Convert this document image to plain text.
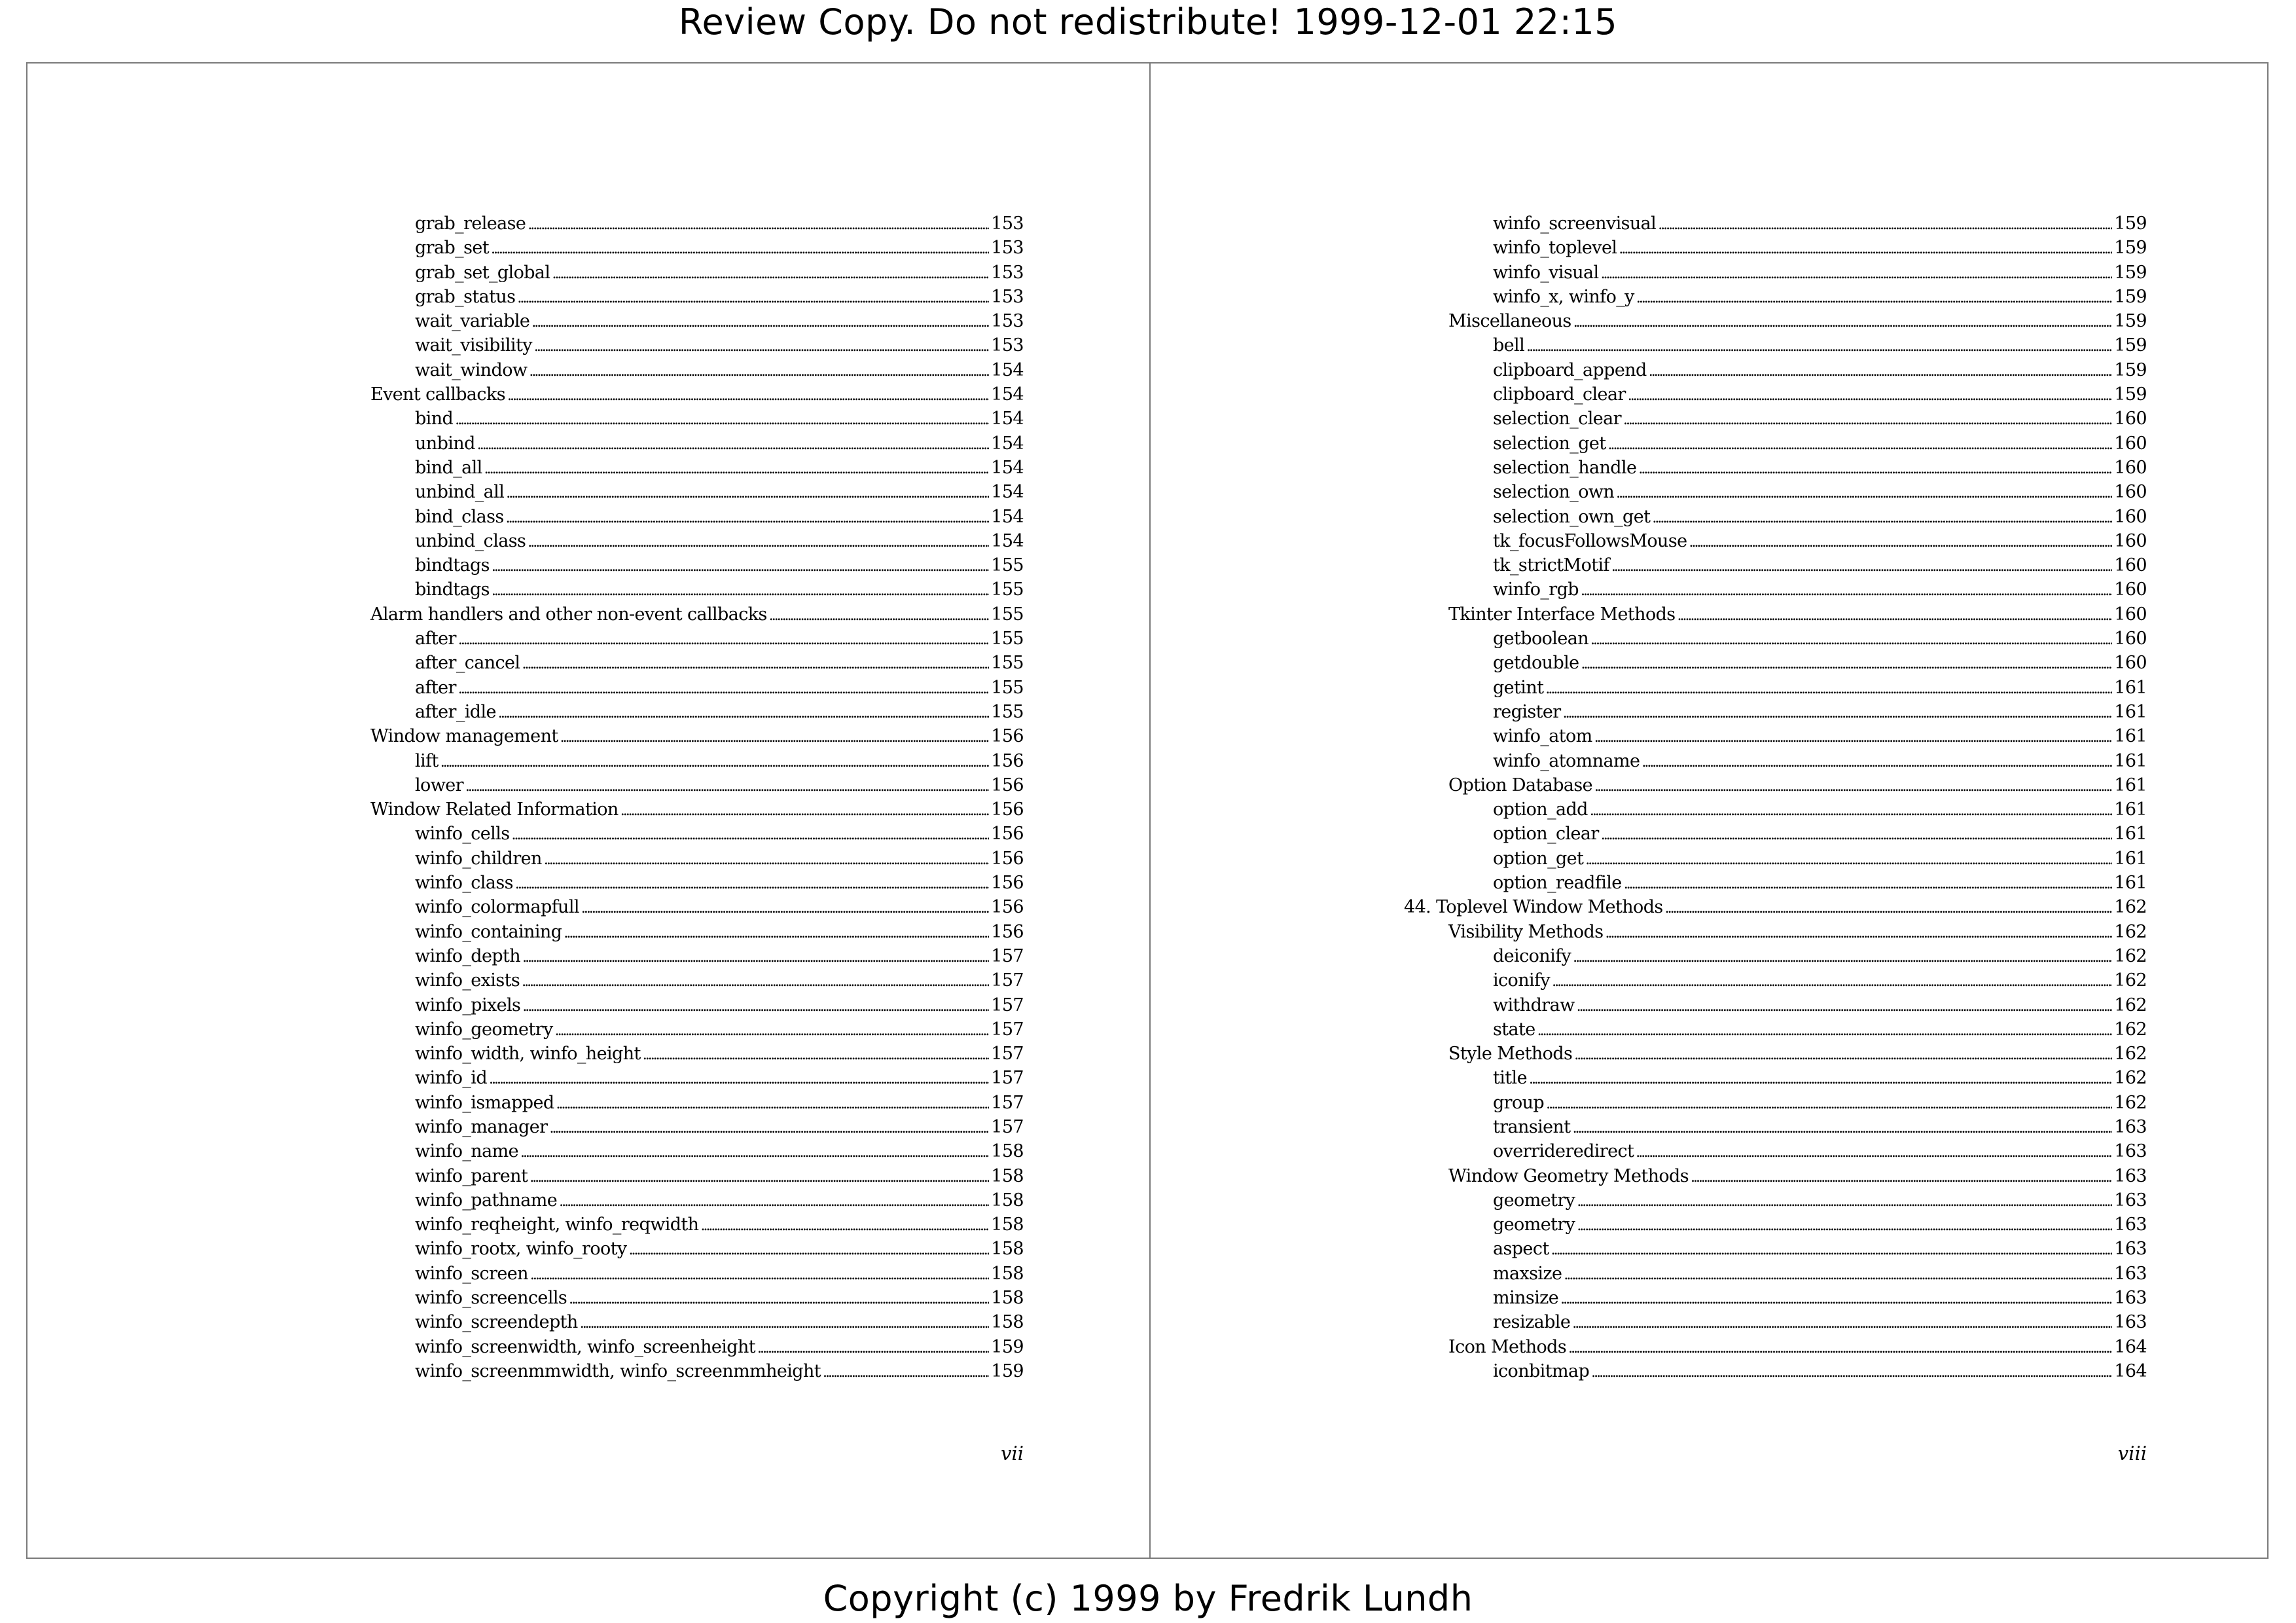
Review Copy. Do not redistribute! 1999-12-01 22:15
grab_release . . .	153
grab_set . . .	153
grab_set_global . . .	153
grab_status . . .	153
wait_variable . . .	153
wait_visibility . . .	153
wait_window . . .	154
Event callbacks . . .	154
bind . . .	154
unbind . . .	154
bind_all . . .	154
unbind_all . . .	154
bind_class . . .	154
unbind_class . . .	154
bindtags . . .	155
bindtags . . .	155
Alarm handlers and other non-event callbacks . . .	155
after . . .	155
after_cancel . . .	155
after . . .	155
after_idle . . .	155
Window management . . .	156
lift . . .	156
lower . . .	156
Window Related Information . . .	156
winfo_cells . . .	156
winfo_children . . .	156
winfo_class . . .	156
winfo_colormapfull . . .	156
winfo_containing . . .	156
winfo_depth . . .	157
winfo_exists . . .	157
winfo_pixels . . .	157
winfo_geometry . . .	157
winfo_width, winfo_height . . .	157
winfo_id . . .	157
winfo_ismapped . . .	157
winfo_manager . . .	157
winfo_name . . .	158
winfo_parent . . .	158
winfo_pathname . . .	158
winfo_reqheight, winfo_reqwidth . . .	158
winfo_rootx, winfo_rooty . . .	158
winfo_screen . . .	158
winfo_screencells . . .	158
winfo_screendepth . . .	158
winfo_screenwidth, winfo_screenheight . . .	159
winfo_screenmmwidth, winfo_screenmmheight . . .	159
vii
winfo_screenvisual . . .	159
winfo_toplevel . . .	159
winfo_visual . . .	159
winfo_x, winfo_y . . .	159
Miscellaneous . . .	159
bell . . .	159
clipboard_append . . .	159
clipboard_clear . . .	159
selection_clear . . .	160
selection_get . . .	160
selection_handle . . .	160
selection_own . . .	160
selection_own_get . . .	160
tk_focusFollowsMouse . . .	160
tk_strictMotif . . .	160
winfo_rgb . . .	160
Tkinter Interface Methods . . .	160
getboolean . . .	160
getdouble . . .	160
getint . . .	161
register . . .	161
winfo_atom . . .	161
winfo_atomname . . .	161
Option Database . . .	161
option_add . . .	161
option_clear . . .	161
option_get . . .	161
option_readfile . . .	161
44. Toplevel Window Methods . . .	162
Visibility Methods . . .	162
deiconify . . .	162
iconify . . .	162
withdraw . . .	162
state . . .	162
Style Methods . . .	162
title . . .	162
group . . .	162
transient . . .	163
overrideredirect . . .	163
Window Geometry Methods . . .	163
geometry . . .	163
geometry . . .	163
aspect . . .	163
maxsize . . .	163
minsize . . .	163
resizable . . .	163
Icon Methods . . .	164
iconbitmap . . .	164
viii
Copyright (c) 1999 by Fredrik Lundh
